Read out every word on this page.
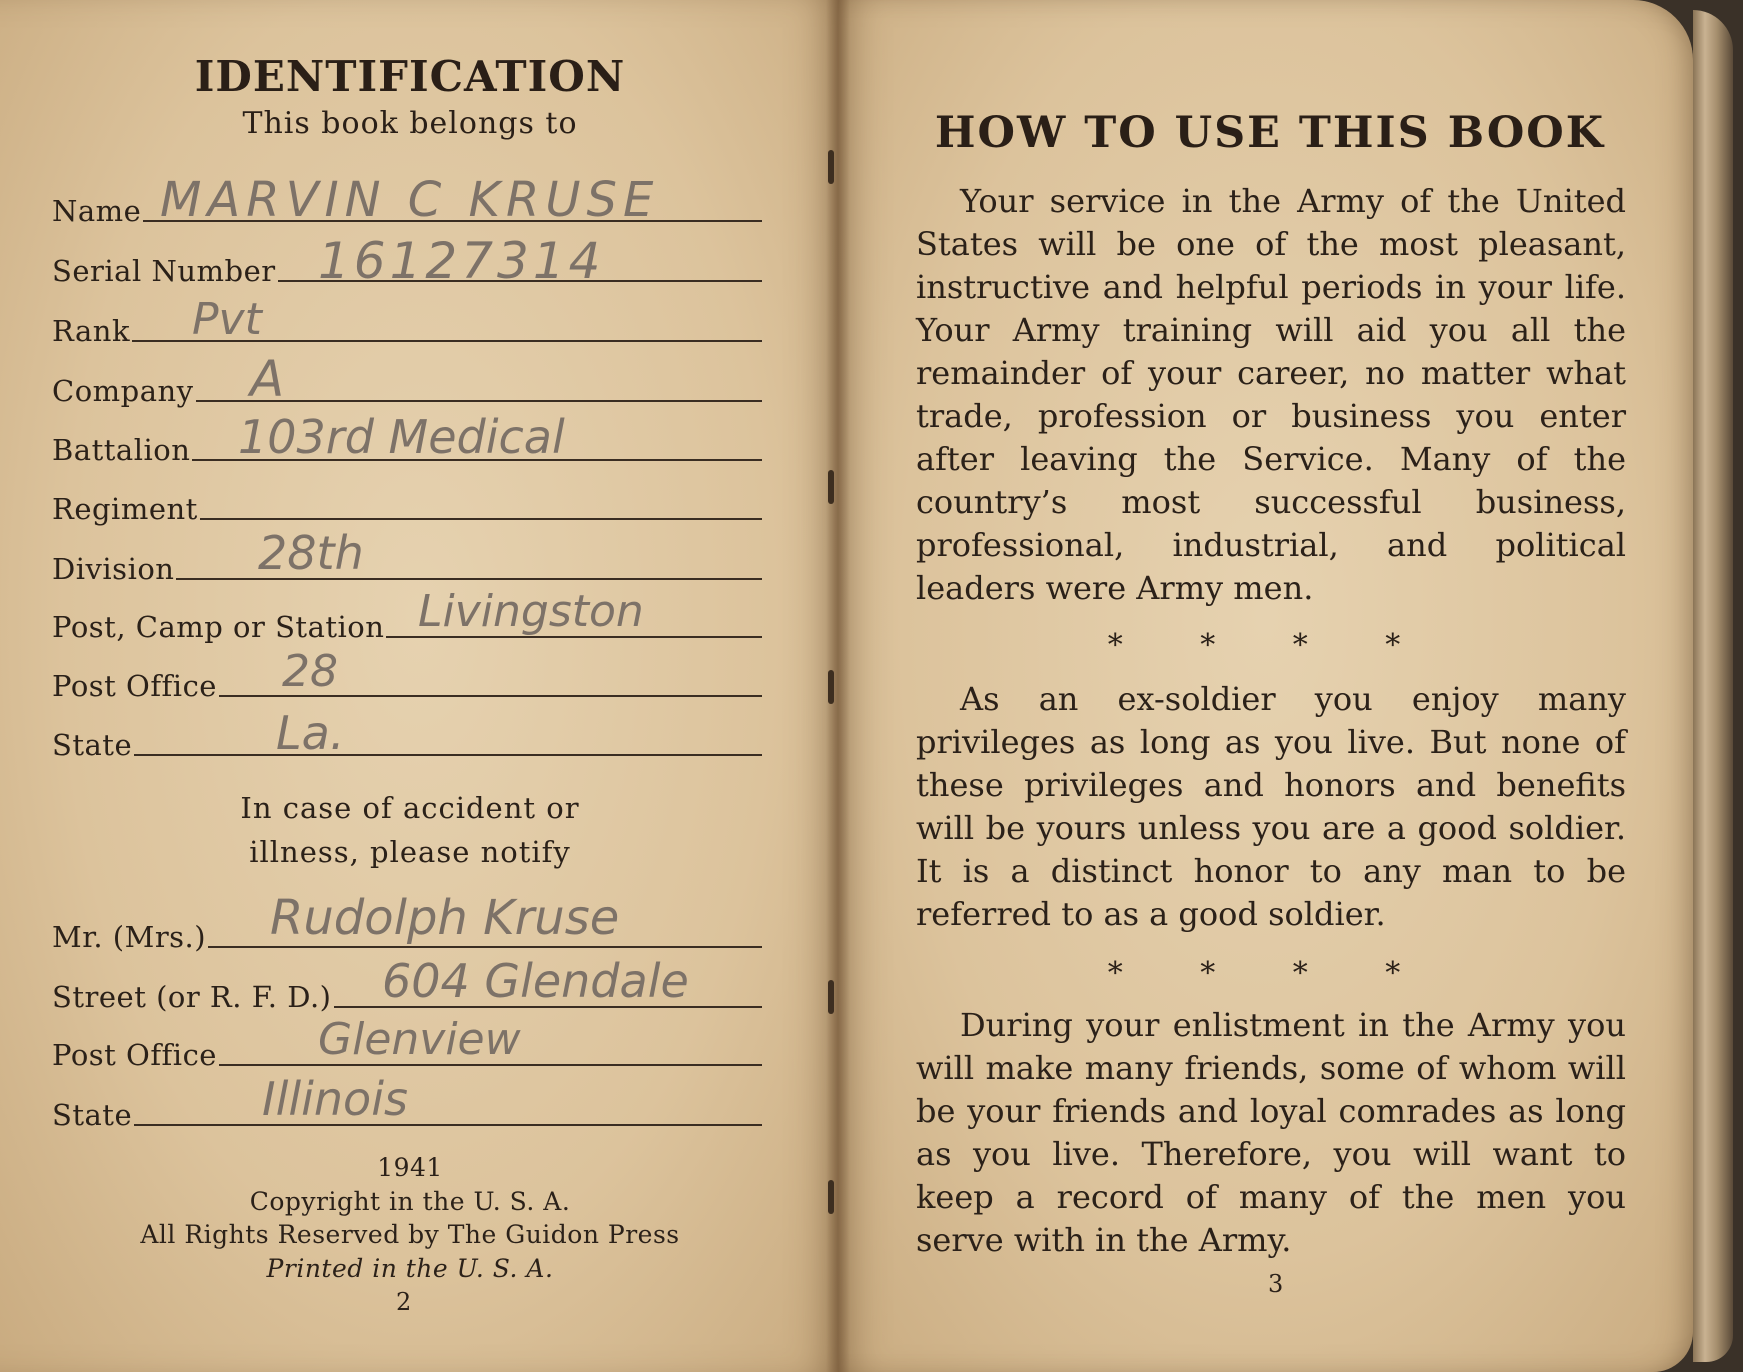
IDENTIFICATION
This book belongs to
Name MARVIN C KRUSE
Serial Number 16127314
Rank Pvt
Company A
Battalion 103rd Medical
Regiment
Division 28th
Post, Camp or Station Livingston
Post Office 28
State	La.
In case of accident or
illness, please notify
Mr. (Mrs.) Rudolph Kruse
Street (or R. F. D.) 604 Glendale
Post Office Glenview
State	Illinois
1941
Copyright in the U. S. A.
All Rights Reserved by The Guidon Press
Printed in the U. S. A.
2
HOW TO USE THIS BOOK

Your service in the Army of the United States will be one of the most pleasant, instructive and helpful periods in your life. Your Army training will aid you all the remainder of your career, no matter what trade, profession or business you enter after leaving the Service. Many of the country’s most successful business, professional, industrial, and political leaders were Army men.

* * * *

As an ex-soldier you enjoy many privileges as long as you live. But none of these privileges and honors and benefits will be yours unless you are a good soldier. It is a distinct honor to any man to be referred to as a good soldier.

* * * *

During your enlistment in the Army you will make many friends, some of whom will be your friends and loyal comrades as long as you live. Therefore, you will want to keep a record of many of the men you serve with in the Army.

3
